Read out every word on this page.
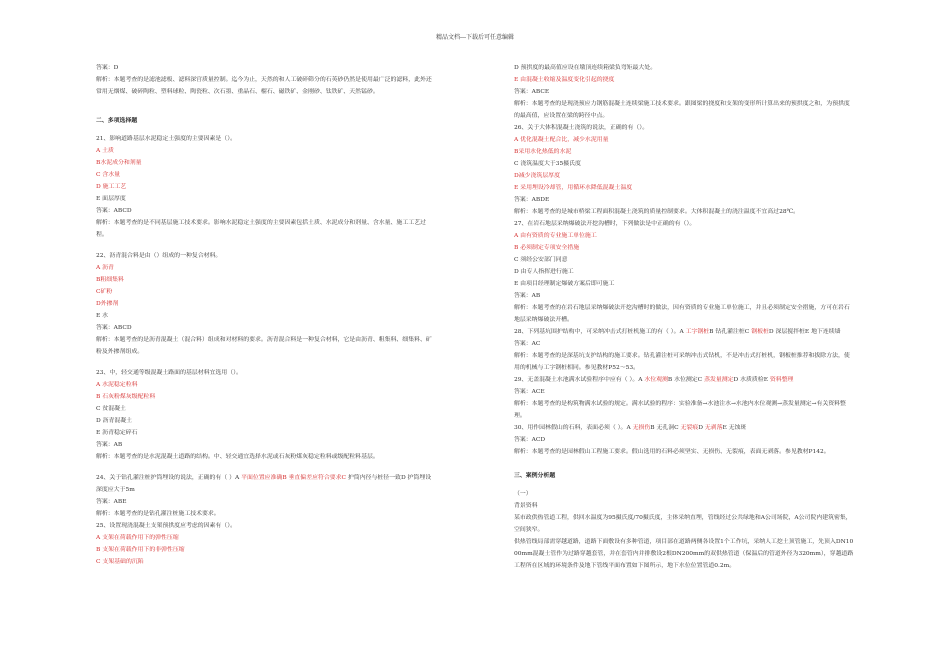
精品文档---下载后可任意编辑

答案：D

解析：本题考查的是滤池滤板、滤料深宫质量控制。迄今为止，天然的和人工破碎筛分的石英砂仍然是使用最广泛的滤料，此外还常用无烟煤、破碎陶粒、塑料球粒、陶瓷粒、次石墨、重晶石、榴石、磁铁矿、金刚砂、钛铁矿、天然锰砂。

二、多项选择题

21、影响道路基层水泥稳定土强度的主要因素是（）。

A 土质

B水泥成分和剂量

C 含水量

D 施工工艺

E 面层厚度

答案：ABCD

解析：本题考查的是不同基层施工技术要求。影响水泥稳定土强度的主要因素包括土质、水泥成分和剂量、含水量、施工工艺过程。

22、沥青混合料是由（）组成的一种复合材料。

A 沥青

B粗细集料

C矿粉

D外掺剂

E 水

答案：ABCD

解析：本题考查的是沥青混凝土（混合料）组成和对材料的要求。沥青混合料是一种复合材料，它是由沥青、粗集料、细集料、矿粉及外掺剂组成。

23、中，轻交通等级混凝土路面的基层材料宜选用（）。

A 水泥稳定粒料

B 石灰粉煤灰级配粒料

C 贫混凝土

D 沥青混凝土

E 沥青稳定碎石

答案：AB

解析：本题考查的是水泥混凝土道路的结构。中、轻交通宜选择水泥或石灰粉煤灰稳定粒料或级配粒料基层。

24、关于钻孔灌注桩护筒埋设的说法，正确的有（ ）A 平面位置应准确B 垂直偏差应符合要求C 护筒内径与桩径一致D 护筒埋设深度应大于5m

答案：ABE

解析：本题考查的是钻孔灌注桩施工技术要求。

25、设置现浇混凝土支架预拱度应考虑的因素有（）。

A 支架在荷载作用下的弹性压缩

B 支架在荷载作用下的非弹性压缩

C 支架基础的沉陷

D 预拱度的最高值应设在墩顶连续箱梁负弯矩最大处。

E 由混凝土收缩及温度变化引起的挠度

答案：ABCE

解析：本题考查的是现浇预应力钢筋混凝土连续梁施工技术要求。跟图梁的挠度和支架的变形所计算出来的预拱度之和，为预拱度的最高值，应设置在梁的跨径中点。

26、关于大体积混凝土浇筑的说法，正确的有（）。

A 优化混凝土配合比，减少水泥用量

B采用水化热低的水泥

C 浇筑温度大于35摄氏度

D减少浇筑层厚度

E 采用埋设冷却管，用循环水降低混凝土温度

答案：ABDE

解析：本题考查的是城市桥梁工程面积混凝土浇筑的质量控制要求。大体积混凝土的浇注温度不宜高过28℃。

27、在岩石地层采纳爆破法开挖沟槽时，下列做法是中正确的有（）。

A 由有资质的专业施工单位施工

B 必须制定专项安全措施

C 须经公安部门同意

D 由专人指挥进行施工

E 由项目经理制定爆破方案后即可施工

答案：AB

解析：本题考查的在岩石地层采纳爆破法开挖沟槽时的做法，因有资质的专业施工单位施工，并且必须制定安全措施，方可在岩石地层采纳爆破法开槽。

28、下列基坑围护结构中，可采纳冲击式打桩机施工的有（ ）。A 工字钢桩B 钻孔灌注桩C 钢板桩D 深层搅拌桩E 地下连续墙

答案：AC

解析：本题考查的是深基坑支护结构的施工要求。钻孔灌注桩可采纳冲击式钻机，不是冲击式打桩机，钢板桩推荐和拔除方法，使用的机械与工字钢桩相同。参见教材P52～53。

29、无盖混凝土水池满水试验程序中应有（ ）。A 水位观测B 水位测定C 蒸发量测定D 水质质检E 资料整理

答案：ACE

解析：本题考查的是构筑物满水试验的规定。满水试验的程序：实验准备→水池注水→水池内水位观测→蒸发量测定→有关资料整理。

30、用作园林假山的石料，表面必须（ ）。A 无损伤B 无孔洞C 无裂痕D 无剥落E 无蚀斑

答案：ACD

解析：本题考查的是园林假山工程施工要求。假山选用的石料必须坚实、无损伤、无裂痕，表面无剥落。参见教材P142。

三、案例分析题

（一）

背景资料

某市政供热管道工程，供回水温度为95摄氏度/70摄氏度，主体采纳直埋，管线经过公共绿地和A公司场院，A公司院内建筑密集，空间狭窄。

供热管线局部需穿越道路，道路下面敷设有多种管道，项目部在道路两侧各设置1个工作坑，采纳人工挖土顶管施工，先顶入DN1000mm混凝土管作为过路穿越套管，并在套管内并排敷设2根DN200mm的双供热管道（保温后的管道外径为320mm），穿越道路工程所在区域的环境条件及地下管线平面布置如下图所示，地下水位位置管道0.2m。
